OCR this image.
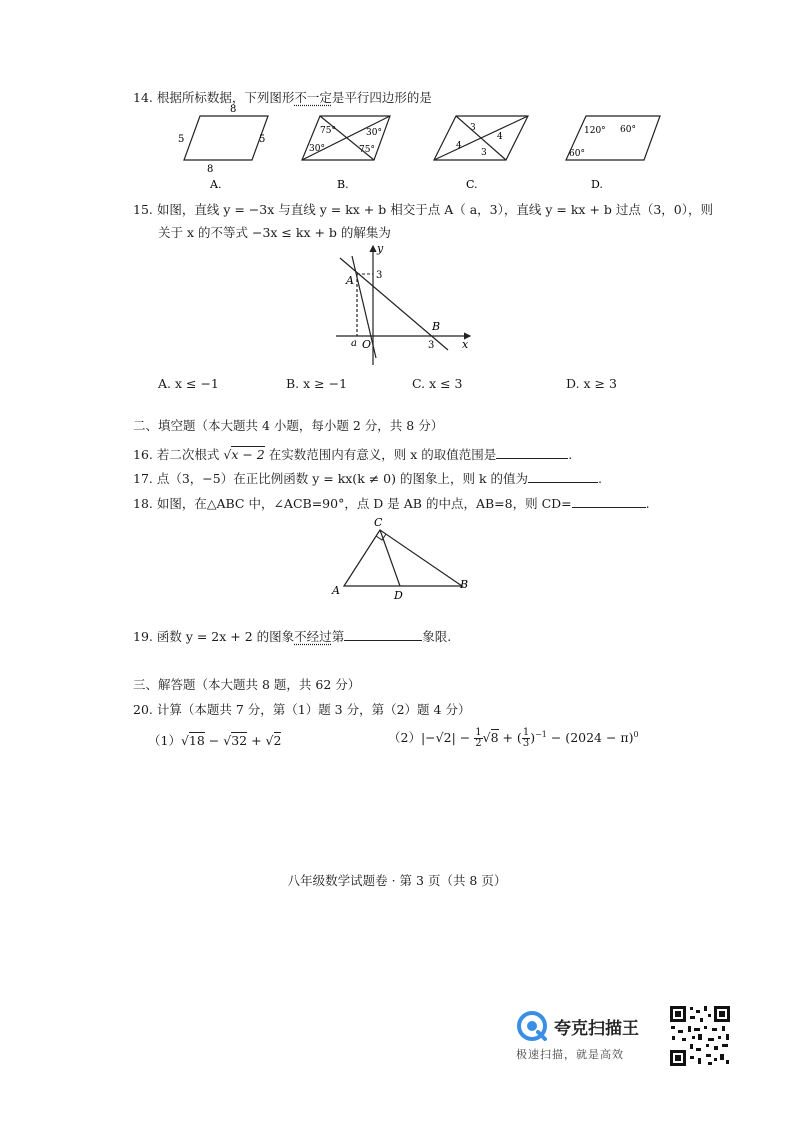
14. 根据所标数据，下列图形不一定是平行四边形的是
8
8
5	5
A.
75°	30°
30°	75°
B.
3
4
4
3
C.
120° 60°
60°
D.
15. 如图，直线 y = −3x 与直线 y = kx + b 相交于点 A（ a，3），直线 y = kx + b 过点（3，0），则
关于 x 的不等式 −3x ≤ kx + b 的解集为
y
x
A
B
3
3
a O
A. x ≤ −1	B. x ≥ −1	C. x ≤ 3	D. x ≥ 3
二、填空题（本大题共 4 小题，每小题 2 分，共 8 分）
16. 若二次根式 √x − 2 在实数范围内有意义，则 x 的取值范围是	.
17. 点（3，−5）在正比例函数 y = kx(k ≠ 0) 的图象上，则 k 的值为	.
18. 如图，在△ABC 中，∠ACB=90°，点 D 是 AB 的中点，AB=8，则 CD=	.
A	B
C
D
19. 函数 y = 2x + 2 的图象不经过第	象限.
三、解答题（本大题共 8 题，共 62 分）
20. 计算（本题共 7 分，第（1）题 3 分，第（2）题 4 分）
（1）√18 − √32 + √2	$(2)|-√2| - \frac{1}{2} √8$ + ( $\frac{1}{3} )^{-1} - (2024 - \pi)^0$
八年级数学试题卷 · 第 3 页（共 8 页）
夸克扫描王
极速扫描，就是高效
